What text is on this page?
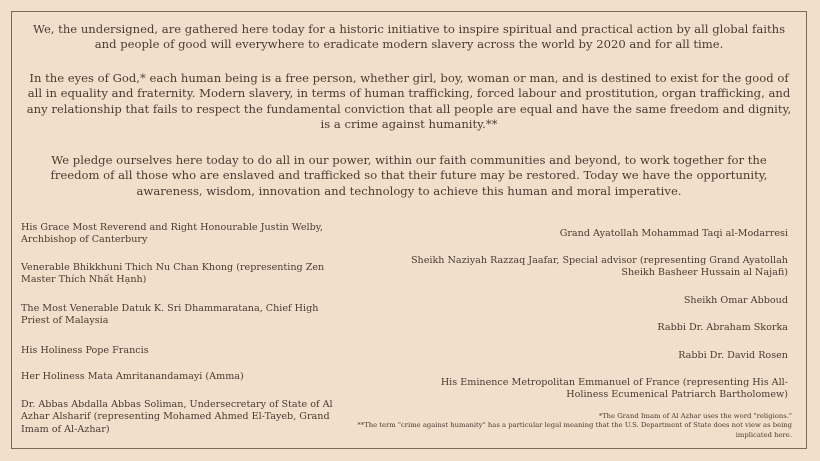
We, the undersigned, are gathered here today for a historic initiative to inspire spiritual and practical action by all global faiths and people of good will everywhere to eradicate modern slavery across the world by 2020 and for all time.

In the eyes of God,* each human being is a free person, whether girl, boy, woman or man, and is destined to exist for the good of all in equality and fraternity. Modern slavery, in terms of human trafficking, forced labour and prostitution, organ trafficking, and any relationship that fails to respect the fundamental conviction that all people are equal and have the same freedom and dignity, is a crime against humanity.**

We pledge ourselves here today to do all in our power, within our faith communities and beyond, to work together for the freedom of all those who are enslaved and trafficked so that their future may be restored. Today we have the opportunity, awareness, wisdom, innovation and technology to achieve this human and moral imperative.

His Grace Most Reverend and Right Honourable Justin Welby, Archbishop of Canterbury

Venerable Bhikkhuni Thich Nu Chan Khong (representing Zen Master Thích Nhất Hạnh)

The Most Venerable Datuk K. Sri Dhammaratana, Chief High Priest of Malaysia

His Holiness Pope Francis

Her Holiness Mata Amritanandamayi (Amma)

Dr. Abbas Abdalla Abbas Soliman, Undersecretary of State of Al Azhar Alsharif (representing Mohamed Ahmed El-Tayeb, Grand Imam of Al-Azhar)

Grand Ayatollah Mohammad Taqi al-Modarresi

Sheikh Naziyah Razzaq Jaafar, Special advisor (representing Grand Ayatollah Sheikh Basheer Hussain al Najafi)

Sheikh Omar Abboud

Rabbi Dr. Abraham Skorka

Rabbi Dr. David Rosen

His Eminence Metropolitan Emmanuel of France (representing His All-Holiness Ecumenical Patriarch Bartholomew)

*The Grand Imam of Al Azhar uses the word "religions."
**The term "crime against humanity" has a particular legal meaning that the U.S. Department of State does not view as being implicated here.
